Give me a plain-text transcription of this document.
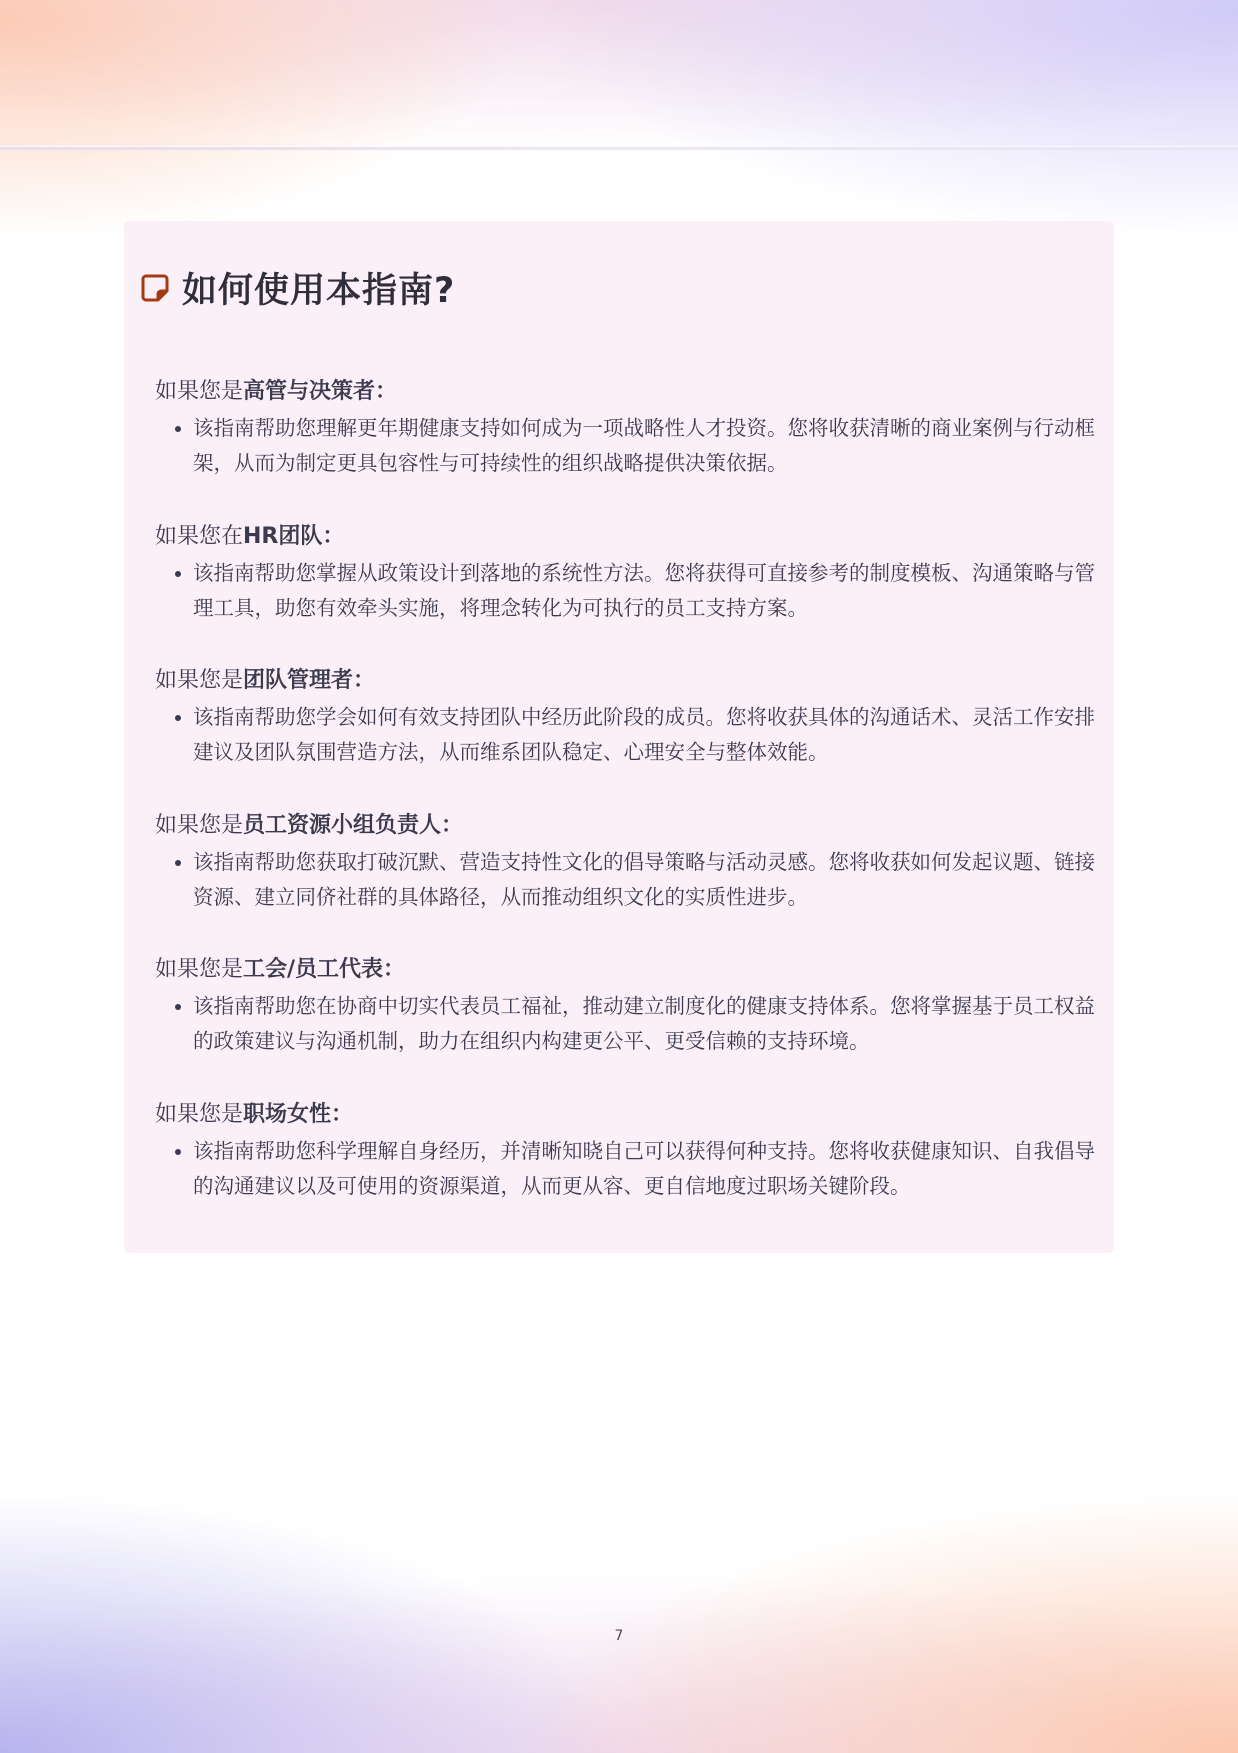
如何使用本指南?

如果您是高管与决策者：

该指南帮助您理解更年期健康支持如何成为一项战略性人才投资。您将收获清晰的商业案例与行动框架，从而为制定更具包容性与可持续性的组织战略提供决策依据。

如果您在HR团队：

该指南帮助您掌握从政策设计到落地的系统性方法。您将获得可直接参考的制度模板、沟通策略与管理工具，助您有效牵头实施，将理念转化为可执行的员工支持方案。

如果您是团队管理者：

该指南帮助您学会如何有效支持团队中经历此阶段的成员。您将收获具体的沟通话术、灵活工作安排建议及团队氛围营造方法，从而维系团队稳定、心理安全与整体效能。

如果您是员工资源小组负责人：

该指南帮助您获取打破沉默、营造支持性文化的倡导策略与活动灵感。您将收获如何发起议题、链接资源、建立同侪社群的具体路径，从而推动组织文化的实质性进步。

如果您是工会/员工代表：

该指南帮助您在协商中切实代表员工福祉，推动建立制度化的健康支持体系。您将掌握基于员工权益的政策建议与沟通机制，助力在组织内构建更公平、更受信赖的支持环境。

如果您是职场女性：

该指南帮助您科学理解自身经历，并清晰知晓自己可以获得何种支持。您将收获健康知识、自我倡导的沟通建议以及可使用的资源渠道，从而更从容、更自信地度过职场关键阶段。
7
